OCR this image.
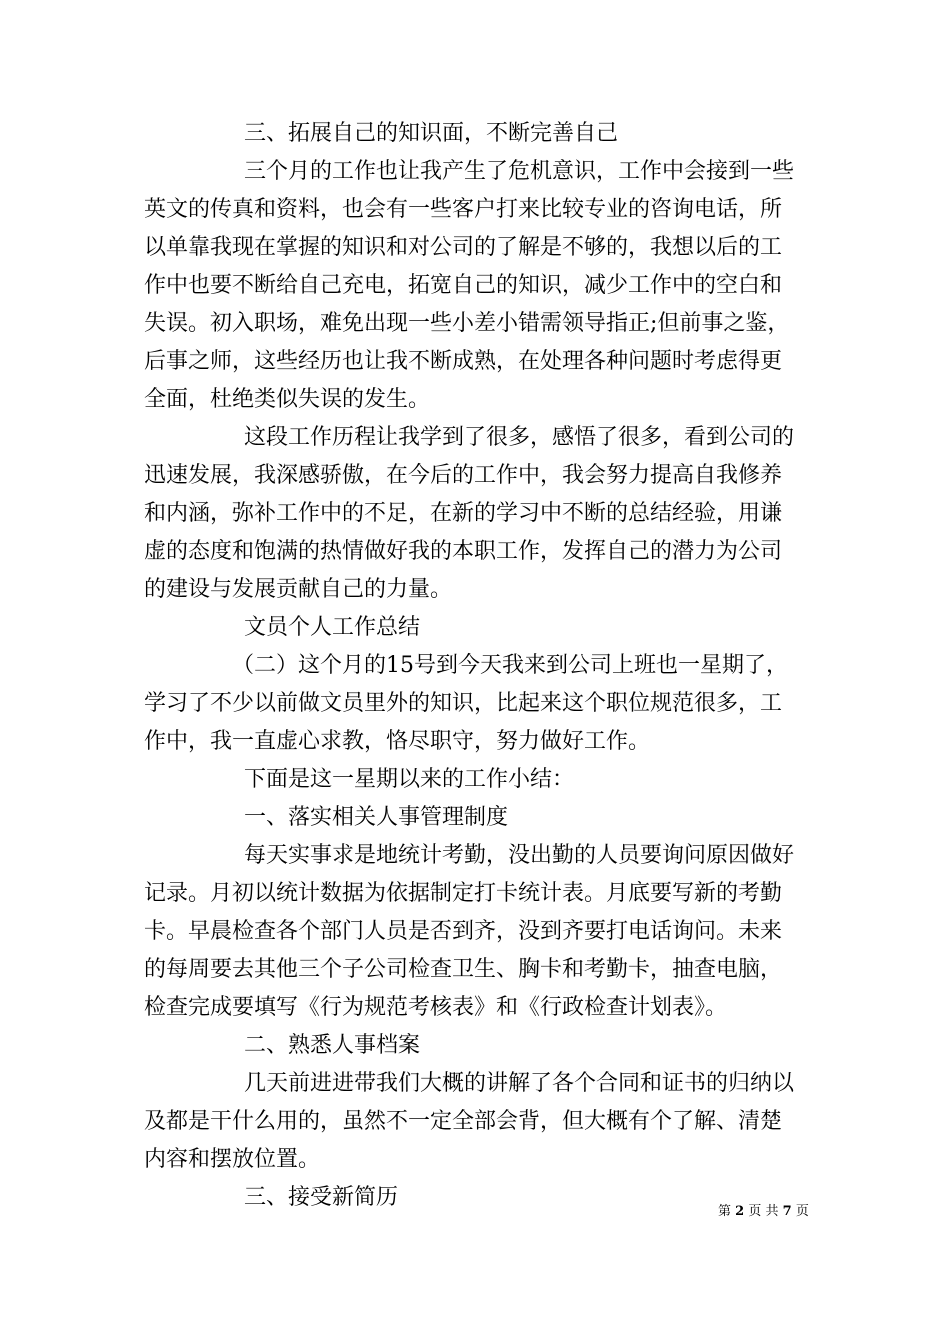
三、拓展自己的知识面，不断完善自己
三个月的工作也让我产生了危机意识，工作中会接到一些
英文的传真和资料，也会有一些客户打来比较专业的咨询电话，所
以单靠我现在掌握的知识和对公司的了解是不够的，我想以后的工
作中也要不断给自己充电，拓宽自己的知识，减少工作中的空白和
失误。初入职场，难免出现一些小差小错需领导指正;但前事之鉴，
后事之师，这些经历也让我不断成熟，在处理各种问题时考虑得更
全面，杜绝类似失误的发生。
这段工作历程让我学到了很多，感悟了很多，看到公司的
迅速发展，我深感骄傲，在今后的工作中，我会努力提高自我修养
和内涵，弥补工作中的不足，在新的学习中不断的总结经验，用谦
虚的态度和饱满的热情做好我的本职工作，发挥自己的潜力为公司
的建设与发展贡献自己的力量。
文员个人工作总结
（二）这个月的15号到今天我来到公司上班也一星期了，
学习了不少以前做文员里外的知识，比起来这个职位规范很多，工
作中，我一直虚心求教，恪尽职守，努力做好工作。
下面是这一星期以来的工作小结：
一、落实相关人事管理制度
每天实事求是地统计考勤，没出勤的人员要询问原因做好
记录。月初以统计数据为依据制定打卡统计表。月底要写新的考勤
卡。早晨检查各个部门人员是否到齐，没到齐要打电话询问。未来
的每周要去其他三个子公司检查卫生、胸卡和考勤卡，抽查电脑，
检查完成要填写《行为规范考核表》和《行政检查计划表》。
二、熟悉人事档案
几天前进进带我们大概的讲解了各个合同和证书的归纳以
及都是干什么用的，虽然不一定全部会背，但大概有个了解、清楚
内容和摆放位置。
三、接受新简历
第 2 页 共 7 页
